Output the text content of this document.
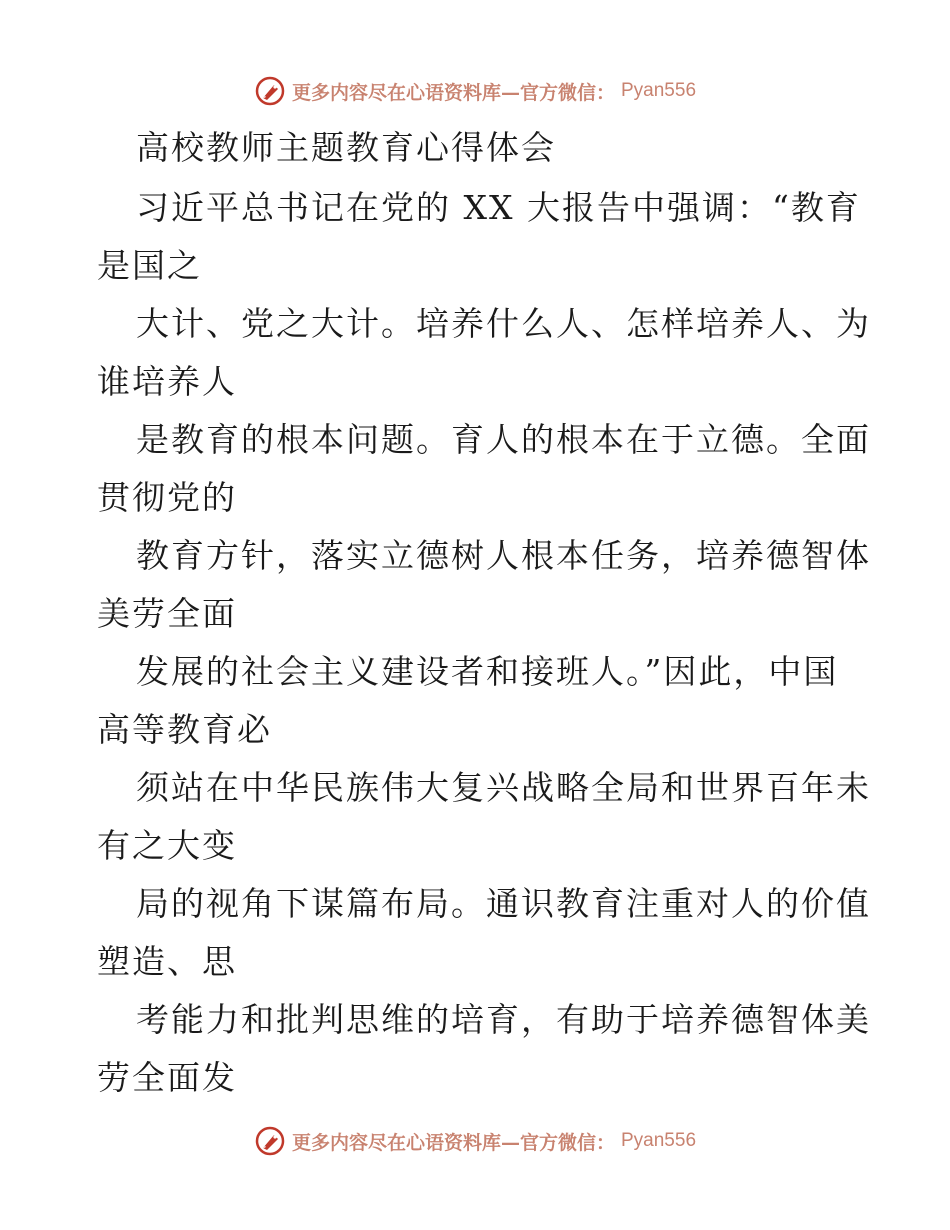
更多内容尽在心语资料库—官方微信： Pyan556
高校教师主题教育心得体会
习近平总书记在党的 XX 大报告中强调：“教育
是国之
大计、党之大计。培养什么人、怎样培养人、为
谁培养人
是教育的根本问题。育人的根本在于立德。全面
贯彻党的
教育方针，落实立德树人根本任务，培养德智体
美劳全面
发展的社会主义建设者和接班人。”因此，中国
高等教育必
须站在中华民族伟大复兴战略全局和世界百年未
有之大变
局的视角下谋篇布局。通识教育注重对人的价值
塑造、思
考能力和批判思维的培育，有助于培养德智体美
劳全面发
更多内容尽在心语资料库—官方微信： Pyan556
